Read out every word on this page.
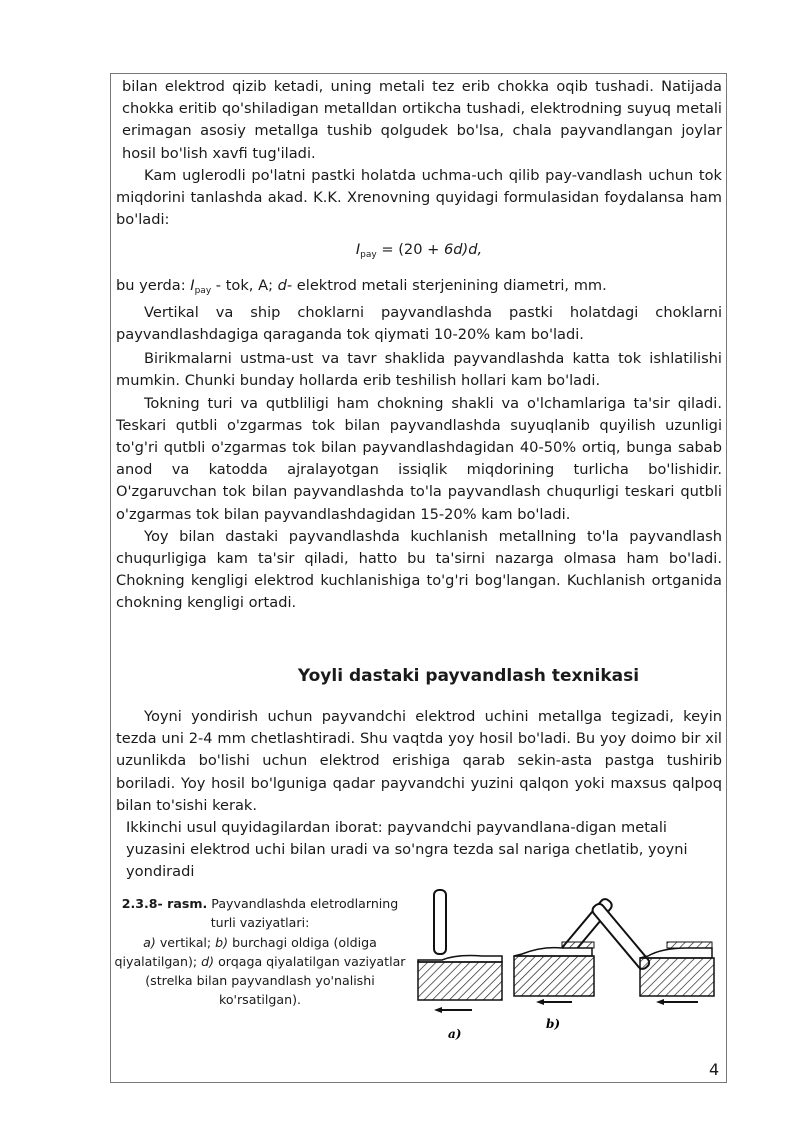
bilan elektrod qizib ketadi, uning metali tez erib chokka oqib tushadi. Natijada chokka eritib qo'shiladigan metalldan ortikcha tushadi, elektrodning suyuq metali erimagan asosiy metallga tushib qolgudek bo'lsa, chala payvandlangan joylar hosil bo'lish xavfi tug'iladi.

Kam uglerodli po'latni pastki holatda uchma-uch qilib pay-vandlash uchun tok miqdorini tanlashda akad. K.K. Xrenovning quyidagi formulasidan foydalansa ham bo'ladi:

$I_{pay} = (20 + 6d)d$,

bu yerda: $I_{pay}$ - tok, A; d- elektrod metali sterjenining diametri, mm.

Vertikal va ship choklarni payvandlashda pastki holatdagi choklarni payvandlashdagiga qaraganda tok qiymati 10-20% kam bo'ladi.

Birikmalarni ustma-ust va tavr shaklida payvandlashda katta tok ishlatilishi mumkin. Chunki bunday hollarda erib teshilish hollari kam bo'ladi.

Tokning turi va qutbliligi ham chokning shakli va o'lchamlariga ta'sir qiladi. Teskari qutbli o'zgarmas tok bilan payvandlashda suyuqlanib quyilish uzunligi to'g'ri qutbli o'zgarmas tok bilan payvandlashdagidan 40-50% ortiq, bunga sabab anod va katodda ajralayotgan issiqlik miqdorining turlicha bo'lishidir. O'zgaruvchan tok bilan payvandlashda to'la payvandlash chuqurligi teskari qutbli o'zgarmas tok bilan payvandlashdagidan 15-20% kam bo'ladi.

Yoy bilan dastaki payvandlashda kuchlanish metallning to'la payvandlash chuqurligiga kam ta'sir qiladi, hatto bu ta'sirni nazarga olmasa ham bo'ladi. Chokning kengligi elektrod kuchlanishiga to'g'ri bog'langan. Kuchlanish ortganida chokning kengligi ortadi.

Yoyli dastaki payvandlash texnikasi

Yoyni yondirish uchun payvandchi elektrod uchini metallga tegizadi, keyin tezda uni 2-4 mm chetlashtiradi. Shu vaqtda yoy hosil bo'ladi. Bu yoy doimo bir xil uzunlikda bo'lishi uchun elektrod erishiga qarab sekin-asta pastga tushirib boriladi. Yoy hosil bo'lguniga qadar payvandchi yuzini qalqon yoki maxsus qalpoq bilan to'sishi kerak.

Ikkinchi usul quyidagilardan iborat: payvandchi payvandlana-digan metali yuzasini elektrod uchi bilan uradi va so'ngra tezda sal nariga chetlatib, yoyni yondiradi

2.3.8- rasm. Payvandlashda eletrodlarning turli vaziyatlari:
a) vertikal; b) burchagi oldiga (oldiga qiyalatilgan); d) orqaga qiyalatilgan vaziyatlar (strelka bilan payvandlash yo'nalishi ko'rsatilgan).
a)
b)
4
